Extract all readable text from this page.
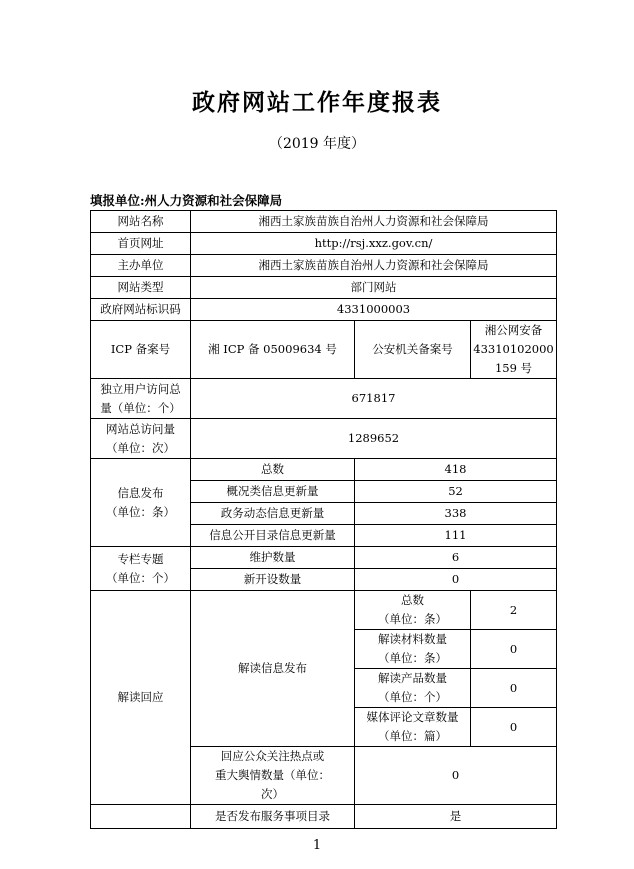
政府网站工作年度报表
（2019 年度）
填报单位:州人力资源和社会保障局
网站名称	湘西土家族苗族自治州人力资源和社会保障局		
首页网址	http://rsj.xxz.gov.cn/		
主办单位	湘西土家族苗族自治州人力资源和社会保障局		
网站类型	部门网站		
政府网站标识码	4331000003		
ICP 备案号	湘 ICP 备 05009634 号	公安机关备案号	湘公网安备
43310102000
159 号
独立用户访问总
量（单位：个）	671817		
网站总访问量
（单位：次）	1289652		
信息发布
（单位：条）	总数	418	
	概况类信息更新量	52	
	政务动态信息更新量	338	
	信息公开目录信息更新量	111	
专栏专题
（单位：个）	维护数量	6	
	新开设数量	0	
解读回应	解读信息发布	总数
（单位：条）	2
		解读材料数量
（单位：条）	0
		解读产品数量
（单位：个）	0
		媒体评论文章数量
（单位：篇）	0
	回应公众关注热点或
重大舆情数量（单位：
次）	0	
	是否发布服务事项目录	是	
1
